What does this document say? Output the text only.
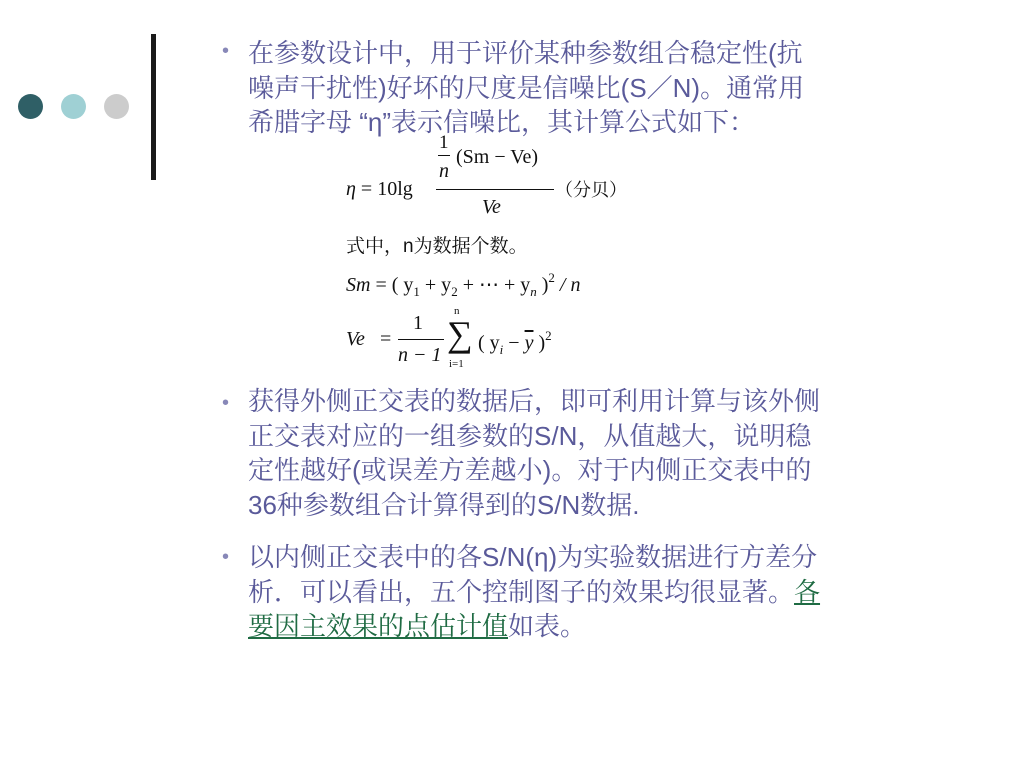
• 在参数设计中，用于评价某种参数组合稳定性(抗
噪声干扰性)好坏的尺度是信噪比(S／N)。通常用
希腊字母 “η”表示信噪比，其计算公式如下：
η = 10lg
1
n
(Sm − Ve)
Ve
（分贝）
式中，n为数据个数。
Sm = ( $y_1 + y_2$ + ⋯ + $y_n$ )$^2$ / n
Ve =
1
n − 1
n
∑
i=1
( $y_i - \overline{y}$ )$^2$
• 获得外侧正交表的数据后，即可利用计算与该外侧
正交表对应的一组参数的S/N，从值越大，说明稳
定性越好(或误差方差越小)。对于内侧正交表中的
36种参数组合计算得到的S/N数据.
• 以内侧正交表中的各S/N(η)为实验数据进行方差分
析．可以看出，五个控制图子的效果均很显著。各
要因主效果的点估计值如表。
